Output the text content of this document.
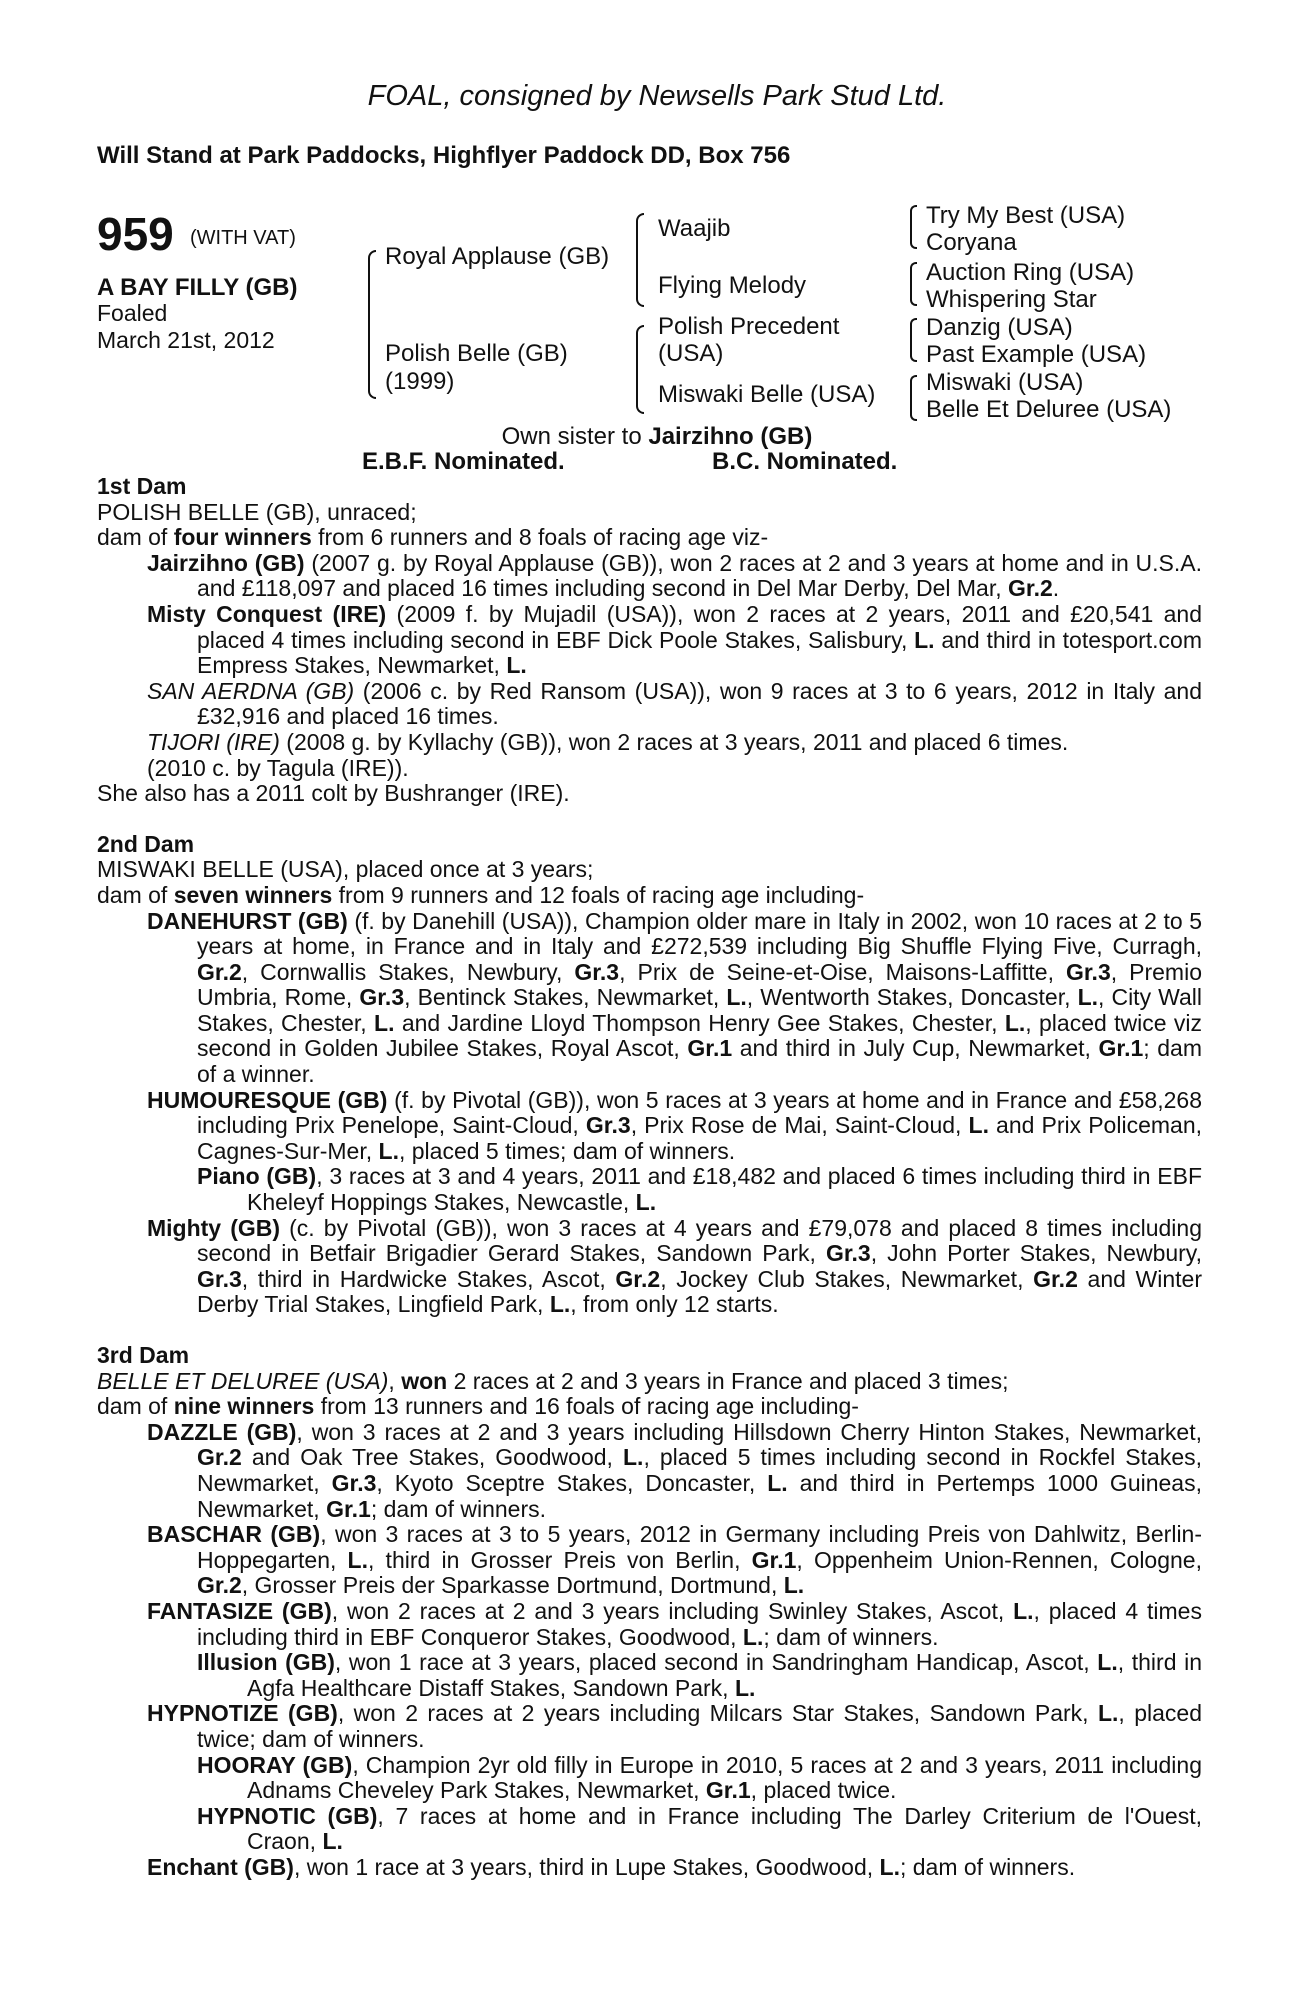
FOAL, consigned by Newsells Park Stud Ltd.
Will Stand at Park Paddocks, Highflyer Paddock DD, Box 756
959 (WITH VAT)
A BAY FILLY (GB)
Foaled
March 21st, 2012
Royal Applause (GB)
Polish Belle (GB)
(1999)
Waajib
Flying Melody
Polish Precedent
(USA)
Miswaki Belle (USA)
Try My Best (USA)
Coryana
Auction Ring (USA)
Whispering Star
Danzig (USA)
Past Example (USA)
Miswaki (USA)
Belle Et Deluree (USA)
Own sister to Jairzihno (GB)
E.B.F. Nominated.	B.C. Nominated.
1st Dam

POLISH BELLE (GB), unraced;

dam of four winners from 6 runners and 8 foals of racing age viz-

Jairzihno (GB) (2007 g. by Royal Applause (GB)), won 2 races at 2 and 3 years at home and in U.S.A. and £118,097 and placed 16 times including second in Del Mar Derby, Del Mar, Gr.2.

Misty Conquest (IRE) (2009 f. by Mujadil (USA)), won 2 races at 2 years, 2011 and £20,541 and placed 4 times including second in EBF Dick Poole Stakes, Salisbury, L. and third in totesport.com Empress Stakes, Newmarket, L.

SAN AERDNA (GB) (2006 c. by Red Ransom (USA)), won 9 races at 3 to 6 years, 2012 in Italy and £32,916 and placed 16 times.

TIJORI (IRE) (2008 g. by Kyllachy (GB)), won 2 races at 3 years, 2011 and placed 6 times.

(2010 c. by Tagula (IRE)).

She also has a 2011 colt by Bushranger (IRE).

2nd Dam

MISWAKI BELLE (USA), placed once at 3 years;

dam of seven winners from 9 runners and 12 foals of racing age including-

DANEHURST (GB) (f. by Danehill (USA)), Champion older mare in Italy in 2002, won 10 races at 2 to 5 years at home, in France and in Italy and £272,539 including Big Shuffle Flying Five, Curragh, Gr.2, Cornwallis Stakes, Newbury, Gr.3, Prix de Seine-et-Oise, Maisons-Laffitte, Gr.3, Premio Umbria, Rome, Gr.3, Bentinck Stakes, Newmarket, L., Wentworth Stakes, Doncaster, L., City Wall Stakes, Chester, L. and Jardine Lloyd Thompson Henry Gee Stakes, Chester, L., placed twice viz second in Golden Jubilee Stakes, Royal Ascot, Gr.1 and third in July Cup, Newmarket, Gr.1; dam of a winner.

HUMOURESQUE (GB) (f. by Pivotal (GB)), won 5 races at 3 years at home and in France and £58,268 including Prix Penelope, Saint-Cloud, Gr.3, Prix Rose de Mai, Saint-Cloud, L. and Prix Policeman, Cagnes-Sur-Mer, L., placed 5 times; dam of winners.

Piano (GB), 3 races at 3 and 4 years, 2011 and £18,482 and placed 6 times including third in EBF Kheleyf Hoppings Stakes, Newcastle, L.

Mighty (GB) (c. by Pivotal (GB)), won 3 races at 4 years and £79,078 and placed 8 times including second in Betfair Brigadier Gerard Stakes, Sandown Park, Gr.3, John Porter Stakes, Newbury, Gr.3, third in Hardwicke Stakes, Ascot, Gr.2, Jockey Club Stakes, Newmarket, Gr.2 and Winter Derby Trial Stakes, Lingfield Park, L., from only 12 starts.

3rd Dam

BELLE ET DELUREE (USA), won 2 races at 2 and 3 years in France and placed 3 times;

dam of nine winners from 13 runners and 16 foals of racing age including-

DAZZLE (GB), won 3 races at 2 and 3 years including Hillsdown Cherry Hinton Stakes, Newmarket, Gr.2 and Oak Tree Stakes, Goodwood, L., placed 5 times including second in Rockfel Stakes, Newmarket, Gr.3, Kyoto Sceptre Stakes, Doncaster, L. and third in Pertemps 1000 Guineas, Newmarket, Gr.1; dam of winners.

BASCHAR (GB), won 3 races at 3 to 5 years, 2012 in Germany including Preis von Dahlwitz, Berlin-Hoppegarten, L., third in Grosser Preis von Berlin, Gr.1, Oppenheim Union-Rennen, Cologne, Gr.2, Grosser Preis der Sparkasse Dortmund, Dortmund, L.

FANTASIZE (GB), won 2 races at 2 and 3 years including Swinley Stakes, Ascot, L., placed 4 times including third in EBF Conqueror Stakes, Goodwood, L.; dam of winners.

Illusion (GB), won 1 race at 3 years, placed second in Sandringham Handicap, Ascot, L., third in Agfa Healthcare Distaff Stakes, Sandown Park, L.

HYPNOTIZE (GB), won 2 races at 2 years including Milcars Star Stakes, Sandown Park, L., placed twice; dam of winners.

HOORAY (GB), Champion 2yr old filly in Europe in 2010, 5 races at 2 and 3 years, 2011 including Adnams Cheveley Park Stakes, Newmarket, Gr.1, placed twice.

HYPNOTIC (GB), 7 races at home and in France including The Darley Criterium de l'Ouest, Craon, L.

Enchant (GB), won 1 race at 3 years, third in Lupe Stakes, Goodwood, L.; dam of winners.
